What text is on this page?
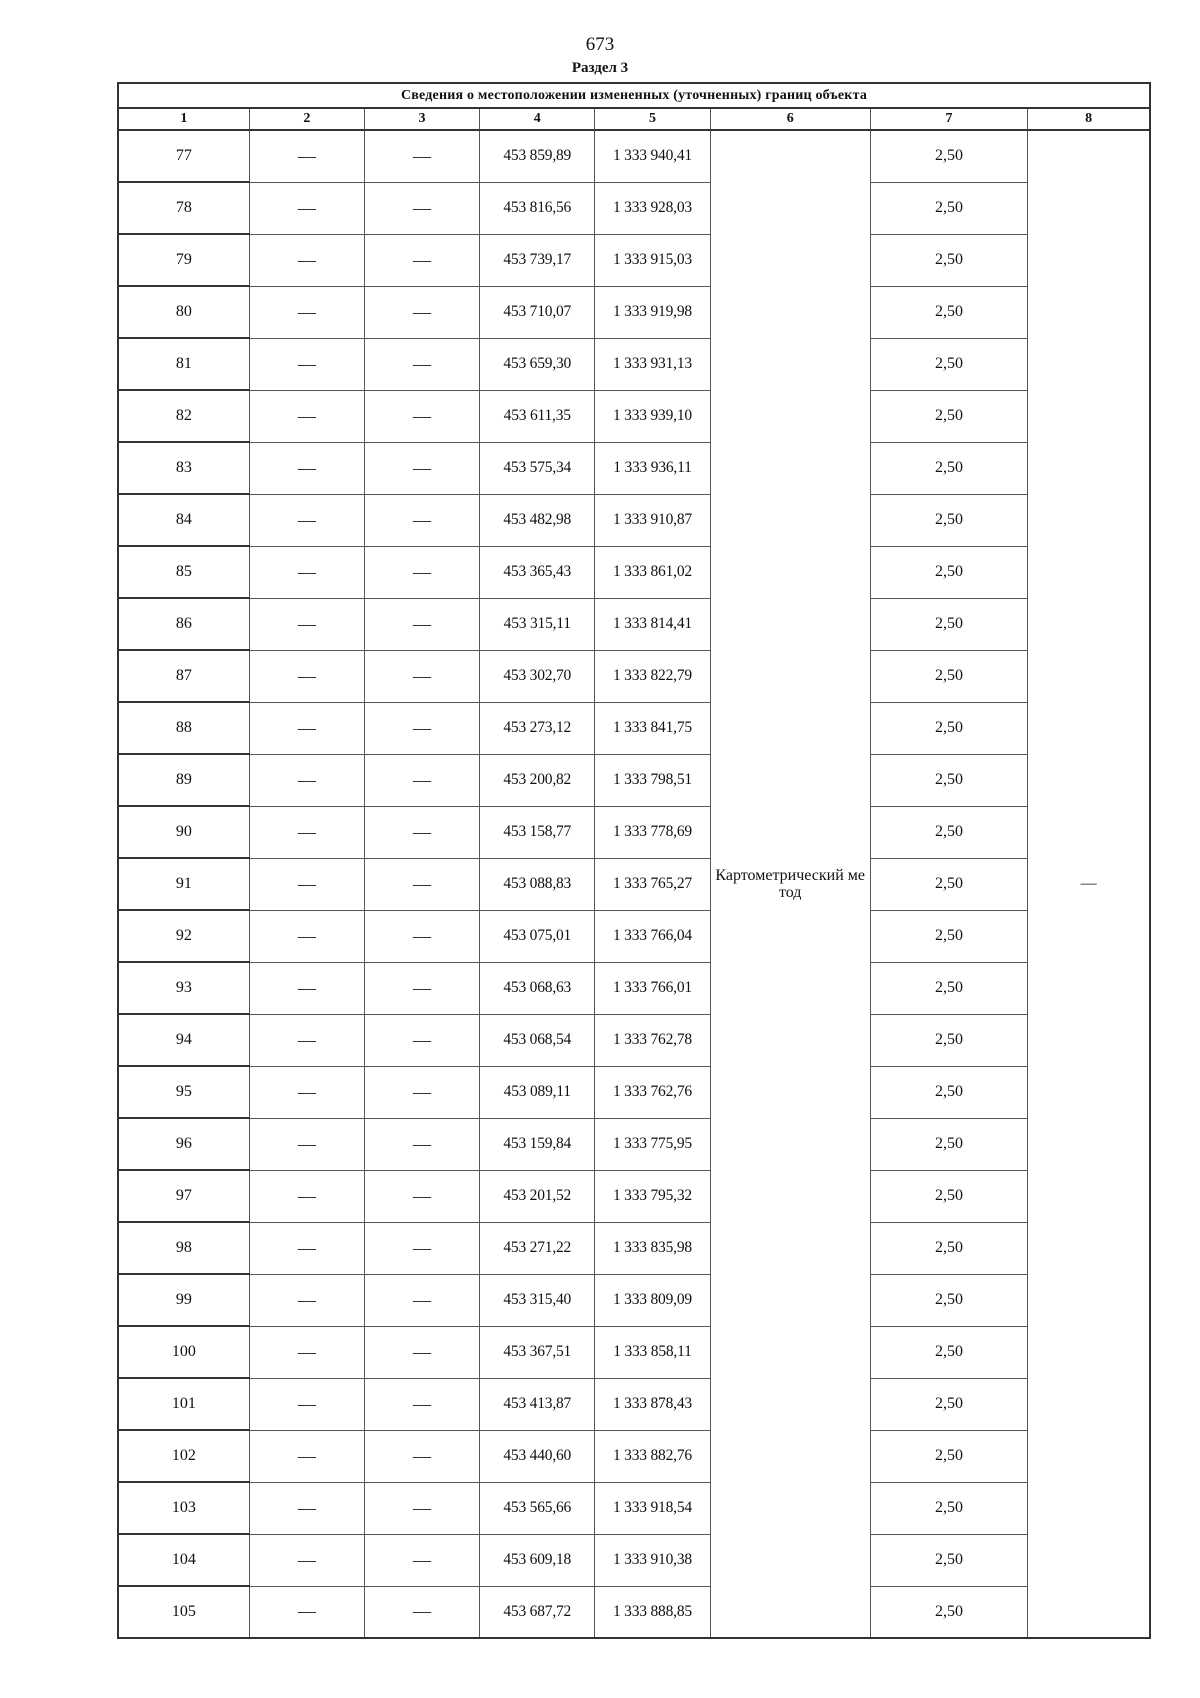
673
Раздел 3
Сведения о местоположении измененных (уточненных) границ объекта							
1	2	3	4	5	6	7	8
77	—	—	453 859,89	1 333 940,41	Картометрический метод	2,50	—
78	—	—	453 816,56	1 333 928,03		2,50	
79	—	—	453 739,17	1 333 915,03		2,50	
80	—	—	453 710,07	1 333 919,98		2,50	
81	—	—	453 659,30	1 333 931,13		2,50	
82	—	—	453 611,35	1 333 939,10		2,50	
83	—	—	453 575,34	1 333 936,11		2,50	
84	—	—	453 482,98	1 333 910,87		2,50	
85	—	—	453 365,43	1 333 861,02		2,50	
86	—	—	453 315,11	1 333 814,41		2,50	
87	—	—	453 302,70	1 333 822,79		2,50	
88	—	—	453 273,12	1 333 841,75		2,50	
89	—	—	453 200,82	1 333 798,51		2,50	
90	—	—	453 158,77	1 333 778,69		2,50	
91	—	—	453 088,83	1 333 765,27		2,50	
92	—	—	453 075,01	1 333 766,04		2,50	
93	—	—	453 068,63	1 333 766,01		2,50	
94	—	—	453 068,54	1 333 762,78		2,50	
95	—	—	453 089,11	1 333 762,76		2,50	
96	—	—	453 159,84	1 333 775,95		2,50	
97	—	—	453 201,52	1 333 795,32		2,50	
98	—	—	453 271,22	1 333 835,98		2,50	
99	—	—	453 315,40	1 333 809,09		2,50	
100	—	—	453 367,51	1 333 858,11		2,50	
101	—	—	453 413,87	1 333 878,43		2,50	
102	—	—	453 440,60	1 333 882,76		2,50	
103	—	—	453 565,66	1 333 918,54		2,50	
104	—	—	453 609,18	1 333 910,38		2,50	
105	—	—	453 687,72	1 333 888,85		2,50	
